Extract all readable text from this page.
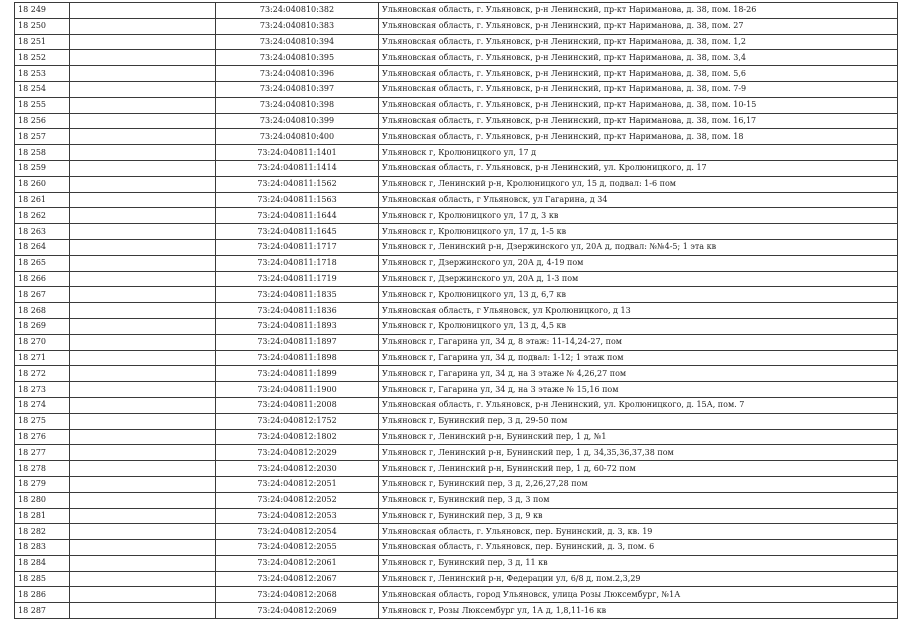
18 249		73:24:040810:382	Ульяновская область, г. Ульяновск, р-н Ленинский, пр-кт Нариманова, д. 38, пом. 18-26
18 250		73:24:040810:383	Ульяновская область, г. Ульяновск, р-н Ленинский, пр-кт Нариманова, д. 38, пом. 27
18 251		73:24:040810:394	Ульяновская область, г. Ульяновск, р-н Ленинский, пр-кт Нариманова, д. 38, пом. 1,2
18 252		73:24:040810:395	Ульяновская область, г. Ульяновск, р-н Ленинский, пр-кт Нариманова, д. 38, пом. 3,4
18 253		73:24:040810:396	Ульяновская область, г. Ульяновск, р-н Ленинский, пр-кт Нариманова, д. 38, пом. 5,6
18 254		73:24:040810:397	Ульяновская область, г. Ульяновск, р-н Ленинский, пр-кт Нариманова, д. 38, пом. 7-9
18 255		73:24:040810:398	Ульяновская область, г. Ульяновск, р-н Ленинский, пр-кт Нариманова, д. 38, пом. 10-15
18 256		73:24:040810:399	Ульяновская область, г. Ульяновск, р-н Ленинский, пр-кт Нариманова, д. 38, пом. 16,17
18 257		73:24:040810:400	Ульяновская область, г. Ульяновск, р-н Ленинский, пр-кт Нариманова, д. 38, пом. 18
18 258		73:24:040811:1401	Ульяновск г, Кролюницкого ул, 17 д
18 259		73:24:040811:1414	Ульяновская область, г. Ульяновск, р-н Ленинский, ул. Кролюницкого, д. 17
18 260		73:24:040811:1562	Ульяновск г, Ленинский р-н, Кролюницкого ул, 15 д, подвал: 1-6 пом
18 261		73:24:040811:1563	Ульяновская область, г Ульяновск, ул Гагарина, д 34
18 262		73:24:040811:1644	Ульяновск г, Кролюницкого ул, 17 д, 3 кв
18 263		73:24:040811:1645	Ульяновск г, Кролюницкого ул, 17 д, 1-5 кв
18 264		73:24:040811:1717	Ульяновск г, Ленинский р-н, Дзержинского ул, 20А д, подвал: №№4-5; 1 эта кв
18 265		73:24:040811:1718	Ульяновск г, Дзержинского ул, 20А д, 4-19 пом
18 266		73:24:040811:1719	Ульяновск г, Дзержинского ул, 20А д, 1-3 пом
18 267		73:24:040811:1835	Ульяновск г, Кролюницкого ул, 13 д, 6,7 кв
18 268		73:24:040811:1836	Ульяновская область, г Ульяновск, ул Кролюницкого, д 13
18 269		73:24:040811:1893	Ульяновск г, Кролюницкого ул, 13 д, 4,5 кв
18 270		73:24:040811:1897	Ульяновск г, Гагарина ул, 34 д, 8 этаж: 11-14,24-27, пом
18 271		73:24:040811:1898	Ульяновск г, Гагарина ул, 34 д, подвал: 1-12; 1 этаж пом
18 272		73:24:040811:1899	Ульяновск г, Гагарина ул, 34 д, на 3 этаже № 4,26,27 пом
18 273		73:24:040811:1900	Ульяновск г, Гагарина ул, 34 д, на 3 этаже № 15,16 пом
18 274		73:24:040811:2008	Ульяновская область, г. Ульяновск, р-н Ленинский, ул. Кролюницкого, д. 15А, пом. 7
18 275		73:24:040812:1752	Ульяновск г, Бунинский пер, 3 д, 29-50 пом
18 276		73:24:040812:1802	Ульяновск г, Ленинский р-н, Бунинский пер, 1 д, №1
18 277		73:24:040812:2029	Ульяновск г, Ленинский р-н, Бунинский пер, 1 д, 34,35,36,37,38 пом
18 278		73:24:040812:2030	Ульяновск г, Ленинский р-н, Бунинский пер, 1 д, 60-72 пом
18 279		73:24:040812:2051	Ульяновск г, Бунинский пер, 3 д, 2,26,27,28 пом
18 280		73:24:040812:2052	Ульяновск г, Бунинский пер, 3 д, 3 пом
18 281		73:24:040812:2053	Ульяновск г, Бунинский пер, 3 д, 9 кв
18 282		73:24:040812:2054	Ульяновская область, г. Ульяновск, пер. Бунинский, д. 3, кв. 19
18 283		73:24:040812:2055	Ульяновская область, г. Ульяновск, пер. Бунинский, д. 3, пом. 6
18 284		73:24:040812:2061	Ульяновск г, Бунинский пер, 3 д, 11 кв
18 285		73:24:040812:2067	Ульяновск г, Ленинский р-н, Федерации ул, 6/8 д, пом.2,3,29
18 286		73:24:040812:2068	Ульяновская область, город Ульяновск, улица Розы Люксембург, №1А
18 287		73:24:040812:2069	Ульяновск г, Розы Люксембург ул, 1А д, 1,8,11-16 кв
